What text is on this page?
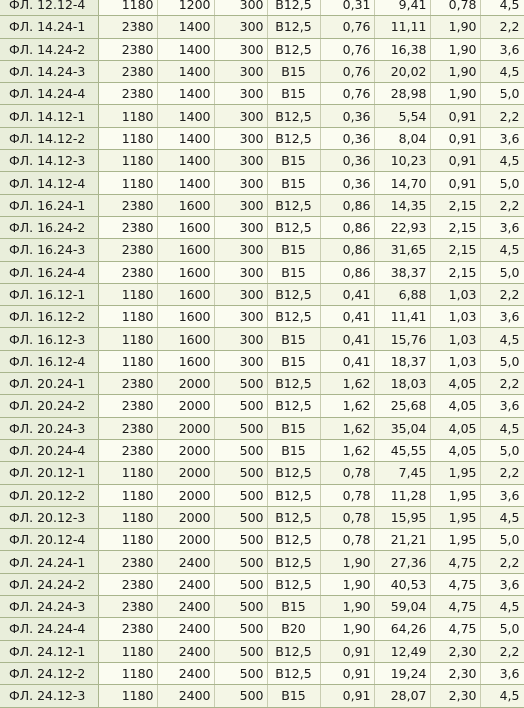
ФЛ. 12.12-4	1180	1200	300	B12,5	0,31	9,41	0,78	4,5
ФЛ. 14.24-1	2380	1400	300	B12,5	0,76	11,11	1,90	2,2
ФЛ. 14.24-2	2380	1400	300	B12,5	0,76	16,38	1,90	3,6
ФЛ. 14.24-3	2380	1400	300	B15	0,76	20,02	1,90	4,5
ФЛ. 14.24-4	2380	1400	300	B15	0,76	28,98	1,90	5,0
ФЛ. 14.12-1	1180	1400	300	B12,5	0,36	5,54	0,91	2,2
ФЛ. 14.12-2	1180	1400	300	B12,5	0,36	8,04	0,91	3,6
ФЛ. 14.12-3	1180	1400	300	B15	0,36	10,23	0,91	4,5
ФЛ. 14.12-4	1180	1400	300	B15	0,36	14,70	0,91	5,0
ФЛ. 16.24-1	2380	1600	300	B12,5	0,86	14,35	2,15	2,2
ФЛ. 16.24-2	2380	1600	300	B12,5	0,86	22,93	2,15	3,6
ФЛ. 16.24-3	2380	1600	300	B15	0,86	31,65	2,15	4,5
ФЛ. 16.24-4	2380	1600	300	B15	0,86	38,37	2,15	5,0
ФЛ. 16.12-1	1180	1600	300	B12,5	0,41	6,88	1,03	2,2
ФЛ. 16.12-2	1180	1600	300	B12,5	0,41	11,41	1,03	3,6
ФЛ. 16.12-3	1180	1600	300	B15	0,41	15,76	1,03	4,5
ФЛ. 16.12-4	1180	1600	300	B15	0,41	18,37	1,03	5,0
ФЛ. 20.24-1	2380	2000	500	B12,5	1,62	18,03	4,05	2,2
ФЛ. 20.24-2	2380	2000	500	B12,5	1,62	25,68	4,05	3,6
ФЛ. 20.24-3	2380	2000	500	B15	1,62	35,04	4,05	4,5
ФЛ. 20.24-4	2380	2000	500	B15	1,62	45,55	4,05	5,0
ФЛ. 20.12-1	1180	2000	500	B12,5	0,78	7,45	1,95	2,2
ФЛ. 20.12-2	1180	2000	500	B12,5	0,78	11,28	1,95	3,6
ФЛ. 20.12-3	1180	2000	500	B12,5	0,78	15,95	1,95	4,5
ФЛ. 20.12-4	1180	2000	500	B12,5	0,78	21,21	1,95	5,0
ФЛ. 24.24-1	2380	2400	500	B12,5	1,90	27,36	4,75	2,2
ФЛ. 24.24-2	2380	2400	500	B12,5	1,90	40,53	4,75	3,6
ФЛ. 24.24-3	2380	2400	500	B15	1,90	59,04	4,75	4,5
ФЛ. 24.24-4	2380	2400	500	B20	1,90	64,26	4,75	5,0
ФЛ. 24.12-1	1180	2400	500	B12,5	0,91	12,49	2,30	2,2
ФЛ. 24.12-2	1180	2400	500	B12,5	0,91	19,24	2,30	3,6
ФЛ. 24.12-3	1180	2400	500	B15	0,91	28,07	2,30	4,5
